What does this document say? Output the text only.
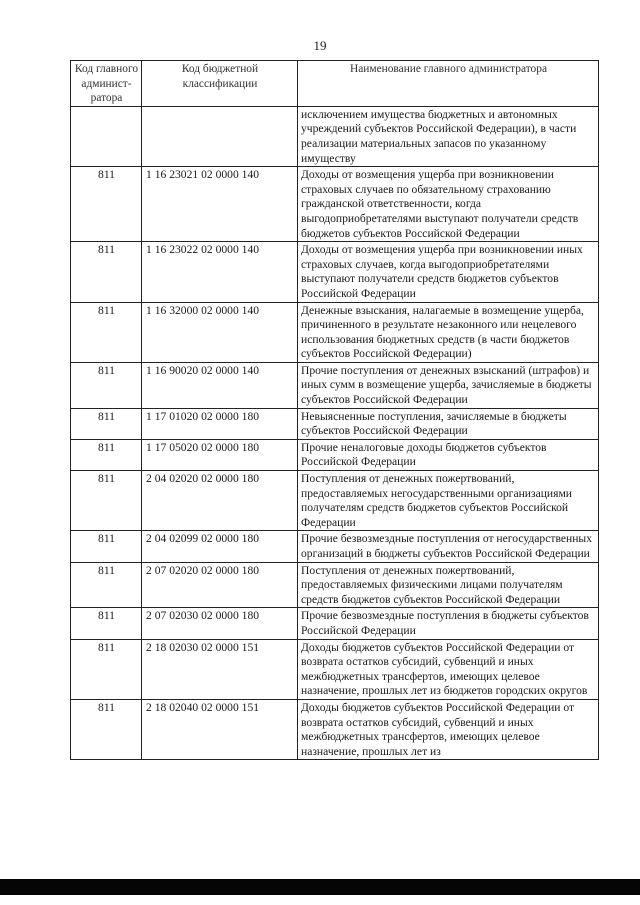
19
Код главного админист-ратора	Код бюджетной классификации	Наименование главного администратора
		исключением имущества бюджетных и автономных учреждений субъектов Российской Федерации), в части реализации материальных запасов по указанному имуществу
811	1 16 23021 02 0000 140	Доходы от возмещения ущерба при возникновении страховых случаев по обязательному страхованию гражданской ответственности, когда выгодоприобретателями выступают получатели средств бюджетов субъектов Российской Федерации
811	1 16 23022 02 0000 140	Доходы от возмещения ущерба при возникновении иных страховых случаев, когда выгодоприобретателями выступают получатели средств бюджетов субъектов Российской Федерации
811	1 16 32000 02 0000 140	Денежные взыскания, налагаемые в возмещение ущерба, причиненного в результате незаконного или нецелевого использования бюджетных средств (в части бюджетов субъектов Российской Федерации)
811	1 16 90020 02 0000 140	Прочие поступления от денежных взысканий (штрафов) и иных сумм в возмещение ущерба, зачисляемые в бюджеты субъектов Российской Федерации
811	1 17 01020 02 0000 180	Невыясненные поступления, зачисляемые в бюджеты субъектов Российской Федерации
811	1 17 05020 02 0000 180	Прочие неналоговые доходы бюджетов субъектов Российской Федерации
811	2 04 02020 02 0000 180	Поступления от денежных пожертвований, предоставляемых негосударственными организациями получателям средств бюджетов субъектов Российской Федерации
811	2 04 02099 02 0000 180	Прочие безвозмездные поступления от негосударственных организаций в бюджеты субъектов Российской Федерации
811	2 07 02020 02 0000 180	Поступления от денежных пожертвований, предоставляемых физическими лицами получателям средств бюджетов субъектов Российской Федерации
811	2 07 02030 02 0000 180	Прочие безвозмездные поступления в бюджеты субъектов Российской Федерации
811	2 18 02030 02 0000 151	Доходы бюджетов субъектов Российской Федерации от возврата остатков субсидий, субвенций и иных межбюджетных трансфертов, имеющих целевое назначение, прошлых лет из бюджетов городских округов
811	2 18 02040 02 0000 151	Доходы бюджетов субъектов Российской Федерации от возврата остатков субсидий, субвенций и иных межбюджетных трансфертов, имеющих целевое назначение, прошлых лет из
